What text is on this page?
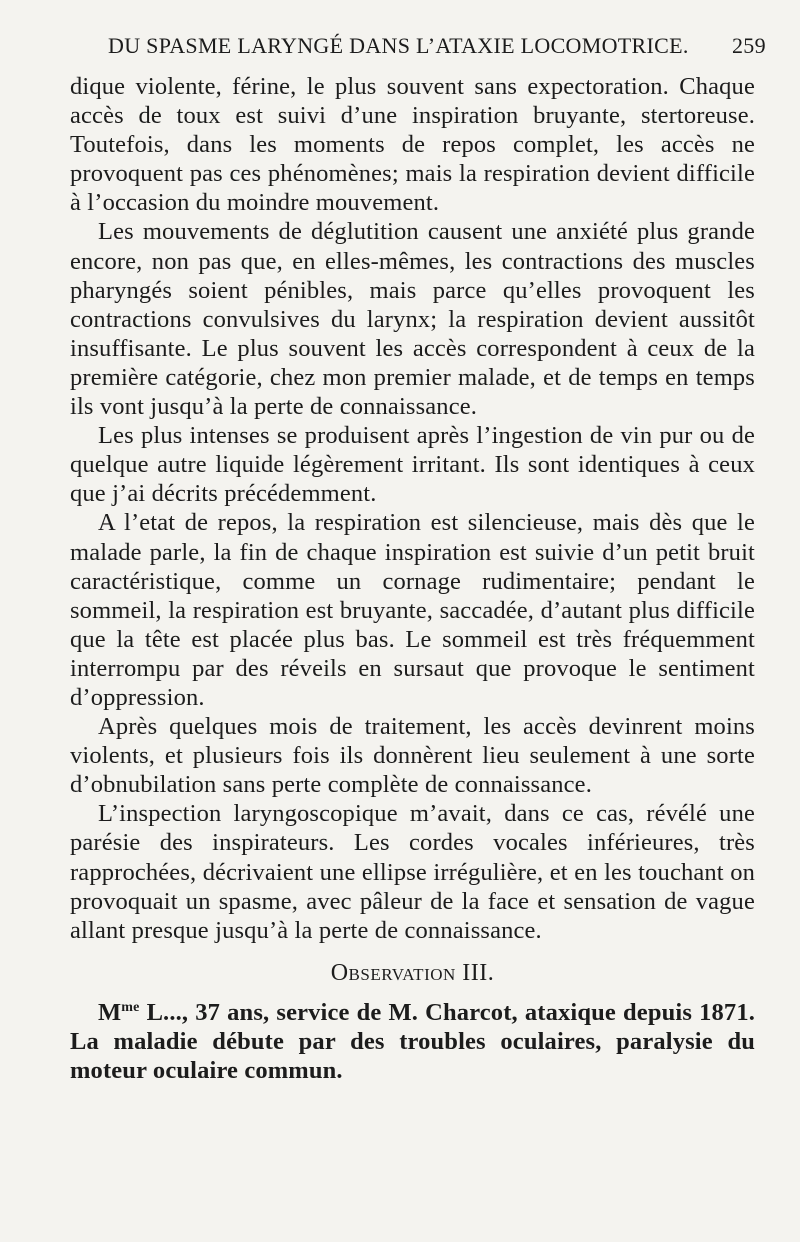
DU SPASME LARYNGÉ DANS L’ATAXIE LOCOMOTRICE. 259

dique violente, férine, le plus souvent sans expectoration. Chaque accès de toux est suivi d’une inspiration bruyante, stertoreuse. Toutefois, dans les moments de repos complet, les accès ne provoquent pas ces phénomènes; mais la respiration devient difficile à l’occasion du moindre mouvement.

Les mouvements de déglutition causent une anxiété plus grande encore, non pas que, en elles-mêmes, les contractions des muscles pharyngés soient pénibles, mais parce qu’elles provoquent les contractions convulsives du larynx; la respiration devient aussitôt insuffisante. Le plus souvent les accès correspondent à ceux de la première catégorie, chez mon premier malade, et de temps en temps ils vont jusqu’à la perte de connaissance.

Les plus intenses se produisent après l’ingestion de vin pur ou de quelque autre liquide légèrement irritant. Ils sont identiques à ceux que j’ai décrits précédemment.

A l’etat de repos, la respiration est silencieuse, mais dès que le malade parle, la fin de chaque inspiration est suivie d’un petit bruit caractéristique, comme un cornage rudimentaire; pendant le sommeil, la respiration est bruyante, saccadée, d’autant plus difficile que la tête est placée plus bas. Le sommeil est très fréquemment interrompu par des réveils en sursaut que provoque le sentiment d’oppression.

Après quelques mois de traitement, les accès devinrent moins violents, et plusieurs fois ils donnèrent lieu seulement à une sorte d’obnubilation sans perte complète de connaissance.

L’inspection laryngoscopique m’avait, dans ce cas, révélé une parésie des inspirateurs. Les cordes vocales inférieures, très rapprochées, décrivaient une ellipse irrégulière, et en les touchant on provoquait un spasme, avec pâleur de la face et sensation de vague allant presque jusqu’à la perte de connaissance.

Observation III.

$M^{me}$ L..., 37 ans, service de M. Charcot, ataxique depuis 1871. La maladie débute par des troubles oculaires, paralysie du moteur oculaire commun.
